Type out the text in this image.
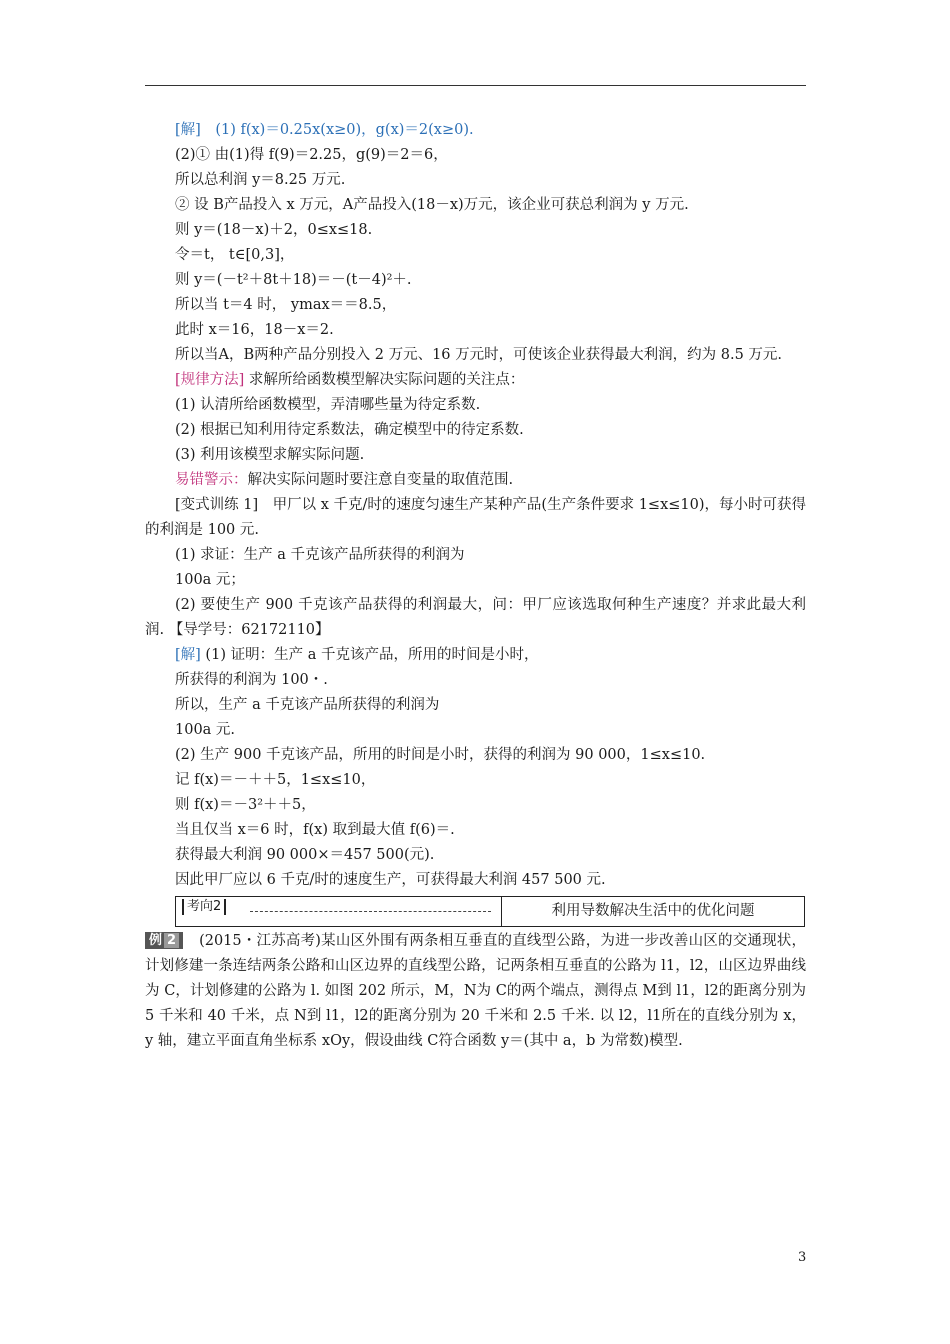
[解]　(1) f(x)＝0.25x(x≥0)，g(x)＝2(x≥0).
(2)① 由(1)得 f(9)＝2.25，g(9)＝2＝6，
所以总利润 y＝8.25 万元.
② 设 B产品投入 x 万元，A产品投入(18－x)万元，该企业可获总利润为 y 万元.
则 y＝(18－x)＋2，0≤x≤18.
令＝t， t∈[0,3]，
则 y＝(－t²＋8t＋18)＝－(t－4)²＋.
所以当 t＝4 时， ymax＝＝8.5，
此时 x＝16，18－x＝2.
所以当A，B两种产品分别投入 2 万元、16 万元时，可使该企业获得最大利润，约为 8.5 万元.
[规律方法] 求解所给函数模型解决实际问题的关注点：
(1) 认清所给函数模型，弄清哪些量为待定系数.
(2) 根据已知利用待定系数法，确定模型中的待定系数.
(3) 利用该模型求解实际问题.
易错警示：解决实际问题时要注意自变量的取值范围.
[变式训练 1]　甲厂以 x 千克/时的速度匀速生产某种产品(生产条件要求 1≤x≤10)，每小时可获得的利润是 100 元.
(1) 求证：生产 a 千克该产品所获得的利润为
100a 元；
(2) 要使生产 900 千克该产品获得的利润最大，问：甲厂应该选取何种生产速度？并求此最大利润. 【导学号：62172110】
[解] (1) 证明：生产 a 千克该产品，所用的时间是小时，
所获得的利润为 100・.
所以，生产 a 千克该产品所获得的利润为
100a 元.
(2) 生产 900 千克该产品，所用的时间是小时，获得的利润为 90 000，1≤x≤10.
记 f(x)＝－＋＋5，1≤x≤10，
则 f(x)＝－3²＋＋5，
当且仅当 x＝6 时，f(x) 取到最大值 f(6)＝.
获得最大利润 90 000×＝457 500(元).
因此甲厂应以 6 千克/时的速度生产，可获得最大利润 457 500 元.
考向2	利用导数解决生活中的优化问题
例 2 (2015・江苏高考)某山区外围有两条相互垂直的直线型公路，为进一步改善山区的交通现状，计划修建一条连结两条公路和山区边界的直线型公路，记两条相互垂直的公路为 l1，l2，山区边界曲线为 C，计划修建的公路为 l. 如图 202 所示，M，N为 C的两个端点，测得点 M到 l1，l2的距离分别为 5 千米和 40 千米，点 N到 l1，l2的距离分别为 20 千米和 2.5 千米. 以 l2，l1所在的直线分别为 x，y 轴，建立平面直角坐标系 xOy，假设曲线 C符合函数 y＝(其中 a，b 为常数)模型.
3
